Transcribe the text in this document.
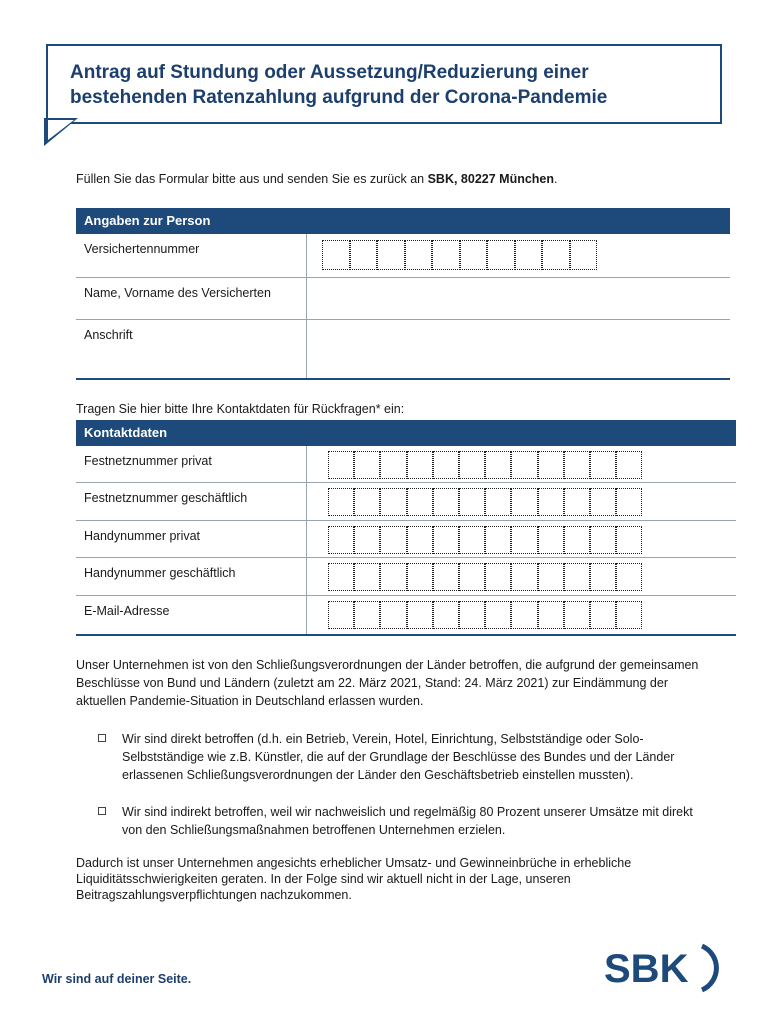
Antrag auf Stundung oder Aussetzung/Reduzierung einer
bestehenden Ratenzahlung aufgrund der Corona-Pandemie
Füllen Sie das Formular bitte aus und senden Sie es zurück an SBK, 80227 München.
Angaben zur Person
Versichertennummer
Name, Vorname des Versicherten
Anschrift
Tragen Sie hier bitte Ihre Kontaktdaten für Rückfragen* ein:
Kontaktdaten
Festnetznummer privat
Festnetznummer geschäftlich
Handynummer privat
Handynummer geschäftlich
E-Mail-Adresse
Unser Unternehmen ist von den Schließungsverordnungen der Länder betroffen, die aufgrund der gemeinsamen Beschlüsse von Bund und Ländern (zuletzt am 22. März 2021, Stand: 24. März 2021) zur Eindämmung der aktuellen Pandemie-Situation in Deutschland erlassen wurden.
Wir sind direkt betroffen (d.h. ein Betrieb, Verein, Hotel, Einrichtung, Selbstständige oder Solo-Selbstständige wie z.B. Künstler, die auf der Grundlage der Beschlüsse des Bundes und der Länder erlassenen Schließungsverordnungen der Länder den Geschäftsbetrieb einstellen mussten).
Wir sind indirekt betroffen, weil wir nachweislich und regelmäßig 80 Prozent unserer Umsätze mit direkt von den Schließungsmaßnahmen betroffenen Unternehmen erzielen.
Dadurch ist unser Unternehmen angesichts erheblicher Umsatz- und Gewinneinbrüche in erhebliche Liquiditätsschwierigkeiten geraten. In der Folge sind wir aktuell nicht in der Lage, unseren Beitragszahlungsverpflichtungen nachzukommen.
Wir sind auf deiner Seite.	SBK
